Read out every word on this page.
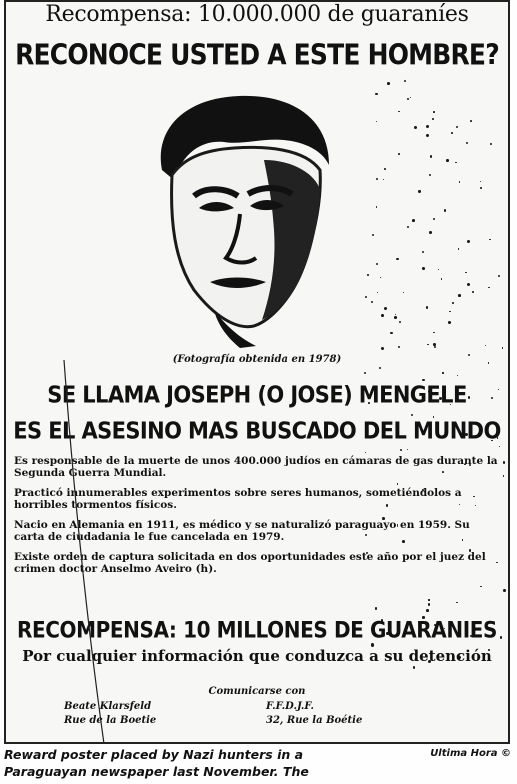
Recompensa: 10.000.000 de guaraníes
RECONOCE USTED A ESTE HOMBRE?
(Fotografía obtenida en 1978)
SE LLAMA JOSEPH (O JOSE) MENGELE
ES EL ASESINO MAS BUSCADO DEL MUNDO

Es responsable de la muerte de unos 400.000 judíos en cámaras de gas durante la Segunda Guerra Mundial.

Practicó innumerables experimentos sobre seres humanos, sometiéndolos a horribles tormentos físicos.

Nacio en Alemania en 1911, es médico y se naturalizó paraguayo en 1959. Su carta de ciudadania le fue cancelada en 1979.

Existe orden de captura solicitada en dos oportunidades este año por el juez del crimen doctor Anselmo Aveiro (h).

RECOMPENSA: 10 MILLONES DE GUARANIES
Por cualquier información que conduzca a su detención
Comunicarse con
Beate Klarsfeld
Rue de la Boetie
F.F.D.J.F.
32, Rue la Boétie
Reward poster placed by Nazi hunters in a
Paraguayan newspaper last November. The
Ultima Hora ©
